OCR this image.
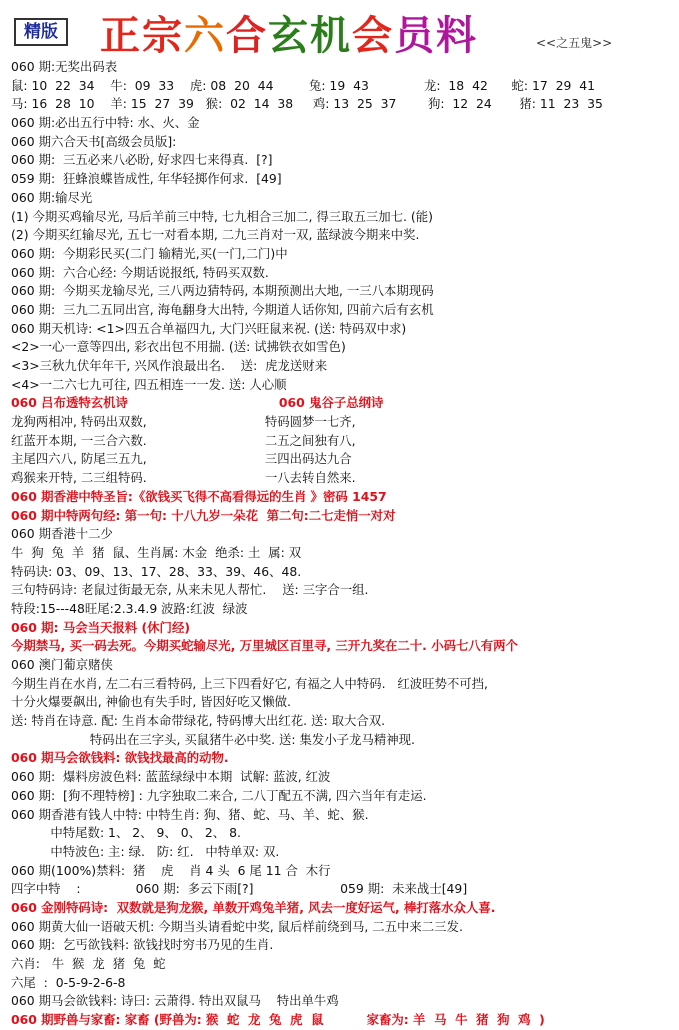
精版 正宗六合玄机会员料	<<之五鬼>>
060 期:无奖出码表
鼠: 10  22  34    牛:  09  33    虎: 08  20  44         兔: 19  43              龙:  18  42      蛇: 17  29  41
马: 16  28  10    羊: 15  27  39   猴:  02  14  38     鸡: 13  25  37        狗:  12  24       猪: 11  23  35
060 期:必出五行中特: 水、火、金
060 期六合天书[高级会员版]:
060 期:  三五必来八必盼, 好求四七来得真.  [?]
059 期:  狂蜂浪蝶皆成性, 年华轻掷作何求.  [49]
060 期:输尽光
(1) 今期买鸡输尽光, 马后羊前三中特, 七九相合三加二, 得三取五三加七. (能)
(2) 今期买红输尽光, 五七一对看本期, 二九三肖对一双, 蓝绿波今期来中奖.
060 期:  今期彩民买(二门 输精光,买(一门,二门)中
060 期:  六合心经: 今期话说报纸, 特码买双数.
060 期:  今期买龙输尽光, 三八两边猜特码, 本期预测出大地, 一三八本期现码
060 期:  三九二五同出宫, 海龟翻身大出特, 今期道人话你知, 四前六后有玄机
060 期天机诗: <1>四五合单福四九, 大门兴旺鼠来祝. (送: 特码双中求)
<2>一心一意等四出, 彩衣出包不用揣. (送: 试拂铁衣如雪色)
<3>三秋九伏年年干, 兴风作浪最出名.    送:  虎龙送财来
<4>一二六七九可往, 四五相连一一发. 送: 人心顺
060 吕布透特玄机诗                                   060 鬼谷子总纲诗
龙狗两相冲, 特码出双数,                              特码圆梦一七齐,
红蓝开本期, 一三合六数.                              二五之间独有八,
主尾四六八, 防尾三五九,                              三四出码达九合
鸡猴来开特, 二三组特码.                              一八去转自然来.
060 期香港中特圣旨:《欲钱买飞得不高看得远的生肖 》密码 1457
060 期中特两句经: 第一句: 十八九岁一朵花  第二句:二七走悄一对对
060 期香港十二少
牛  狗  兔  羊  猪  鼠、生肖属: 木金  绝杀: 土  属: 双
特码诀: 03、09、13、17、28、33、39、46、48.
三句特码诗: 老鼠过街最无奈, 从来未见人帮忙.    送: 三字合一组.
特段:15---48旺尾:2.3.4.9 波路:红波  绿波
060 期: 马会当天报料 (休门经)
今期禁马, 买一码去死。今期买蛇输尽光, 万里城区百里寻, 三开九奖在二十. 小码七八有两个
060 澳门葡京赌侠
今期生肖在水肖, 左二右三看特码, 上三下四看好它, 有福之人中特码.   红波旺势不可挡,
十分火爆要飙出, 神偷也有失手时, 皆因好吃又懒做.
送: 特肖在诗意. 配: 生肖本命带绿花, 特码博大出红花. 送: 取大合双.
特码出在三字头, 买鼠猪牛必中奖. 送: 集发小子龙马精神现.
060 期马会欲钱料: 欲钱找最高的动物.
060 期:  爆料房波色料: 蓝蓝绿绿中本期  试解: 蓝波, 红波
060 期:  [狗不理特榜] : 九字独取二来合, 二八丁配五不满, 四六当年有走运.
060 期香港有钱人中特: 中特生肖: 狗、猪、蛇、马、羊、蛇、猴.
中特尾数: 1、 2、 9、 0、 2、 8.
中特波色: 主: 绿.   防: 红.   中特单双: 双.
060 期(100%)禁料:  猪    虎    肖 4 头  6 尾 11 合  木行
四字中特    :              060 期:  多云下雨[?]                      059 期:  未来战士[49]
060 金刚特码诗:  双数就是狗龙猴, 单数开鸡兔羊猪, 风去一度好运气, 棒打落水众人喜.
060 期黄大仙一语破天机: 今期当头请看蛇中奖, 鼠后样前绕到马, 二五中来二三发.
060 期:  乞丐欲钱料: 欲钱找时穷书乃见的生肖.
六肖:   牛  猴  龙  猪  兔  蛇
六尾  :  0-5-9-2-6-8
060 期马会欲钱料: 诗曰: 云萧得. 特出双鼠马    特出单牛鸡
060 期野兽与家畜: 家畜 (野兽为: 猴  蛇  龙  兔  虎  鼠          家畜为: 羊  马  牛  猪  狗  鸡  )
